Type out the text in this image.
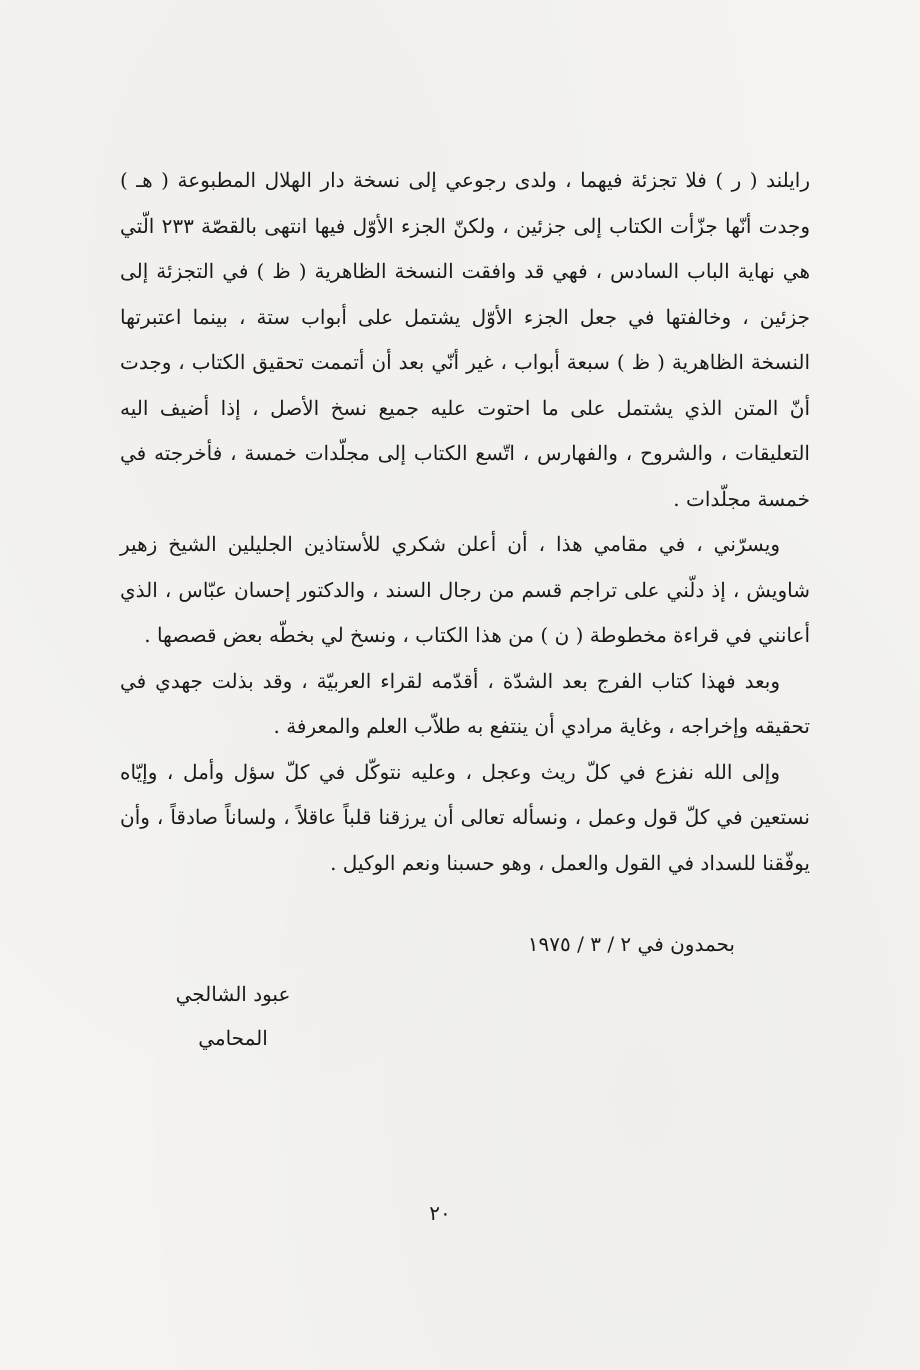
رايلند ( ر ) فلا تجزئة فيهما ، ولدى رجوعي إلى نسخة دار الهلال المطبوعة ( هـ ) وجدت أنّها جزّأت الكتاب إلى جزئين ، ولكنّ الجزء الأوّل فيها انتهى بالقصّة ٢٣٣ الّتي هي نهاية الباب السادس ، فهي قد وافقت النسخة الظاهرية ( ظ ) في التجزئة إلى جزئين ، وخالفتها في جعل الجزء الأوّل يشتمل على أبواب ستة ، بينما اعتبرتها النسخة الظاهرية ( ظ ) سبعة أبواب ، غير أنّي بعد أن أتممت تحقيق الكتاب ، وجدت أنّ المتن الذي يشتمل على ما احتوت عليه جميع نسخ الأصل ، إذا أضيف اليه التعليقات ، والشروح ، والفهارس ، اتّسع الكتاب إلى مجلّدات خمسة ، فأخرجته في خمسة مجلّدات .

ويسرّني ، في مقامي هذا ، أن أعلن شكري للأستاذين الجليلين الشيخ زهير شاويش ، إذ دلّني على تراجم قسم من رجال السند ، والدكتور إحسان عبّاس ، الذي أعانني في قراءة مخطوطة ( ن ) من هذا الكتاب ، ونسخ لي بخطّه بعض قصصها .

وبعد فهذا كتاب الفرج بعد الشدّة ، أقدّمه لقراء العربيّة ، وقد بذلت جهدي في تحقيقه وإخراجه ، وغاية مرادي أن ينتفع به طلاّب العلم والمعرفة .

وإلى الله نفزع في كلّ ريث وعجل ، وعليه نتوكّل في كلّ سؤل وأمل ، وإيّاه نستعين في كلّ قول وعمل ، ونسأله تعالى أن يرزقنا قلباً عاقلاً ، ولساناً صادقاً ، وأن يوفّقنا للسداد في القول والعمل ، وهو حسبنا ونعم الوكيل .

بحمدون في ٢ / ٣ / ١٩٧٥
عبود الشالجي
المحامي
٢٠
